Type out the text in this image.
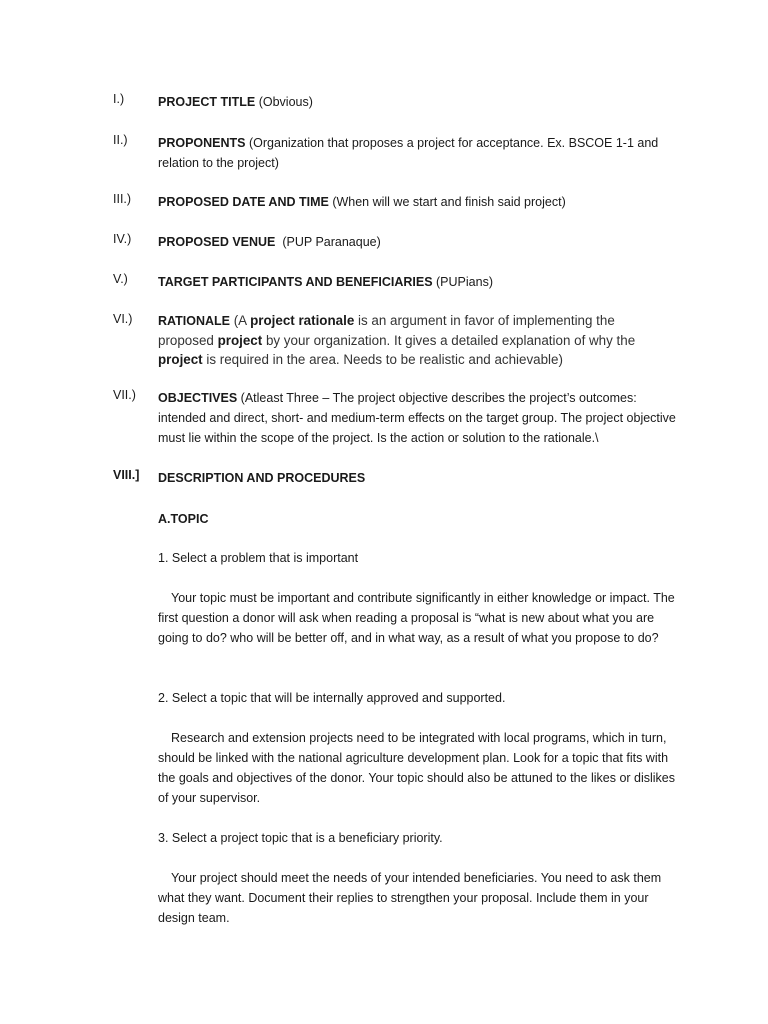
I.)	PROJECT TITLE (Obvious)
II.) PROPONENTS (Organization that proposes a project for acceptance. Ex. BSCOE 1-1 and relation to the project)
III.) PROPOSED DATE AND TIME (When will we start and finish said project)
IV.) PROPOSED VENUE  (PUP Paranaque)
V.) TARGET PARTICIPANTS AND BENEFICIARIES (PUPians)
VI.) RATIONALE (A project rationale is an argument in favor of implementing the proposed project by your organization. It gives a detailed explanation of why the project is required in the area. Needs to be realistic and achievable)
VII.) OBJECTIVES (Atleast Three – The project objective describes the project’s outcomes: intended and direct, short- and medium-term effects on the target group. The project objective must lie within the scope of the project. Is the action or solution to the rationale.\
VIII.] DESCRIPTION AND PROCEDURES
A.TOPIC
1. Select a problem that is important
Your topic must be important and contribute significantly in either knowledge or impact. The first question a donor will ask when reading a proposal is “what is new about what you are going to do? who will be better off, and in what way, as a result of what you propose to do?
2. Select a topic that will be internally approved and supported.
Research and extension projects need to be integrated with local programs, which in turn, should be linked with the national agriculture development plan. Look for a topic that fits with the goals and objectives of the donor. Your topic should also be attuned to the likes or dislikes of your supervisor.
3. Select a project topic that is a beneficiary priority.
Your project should meet the needs of your intended beneficiaries. You need to ask them what they want. Document their replies to strengthen your proposal. Include them in your design team.
